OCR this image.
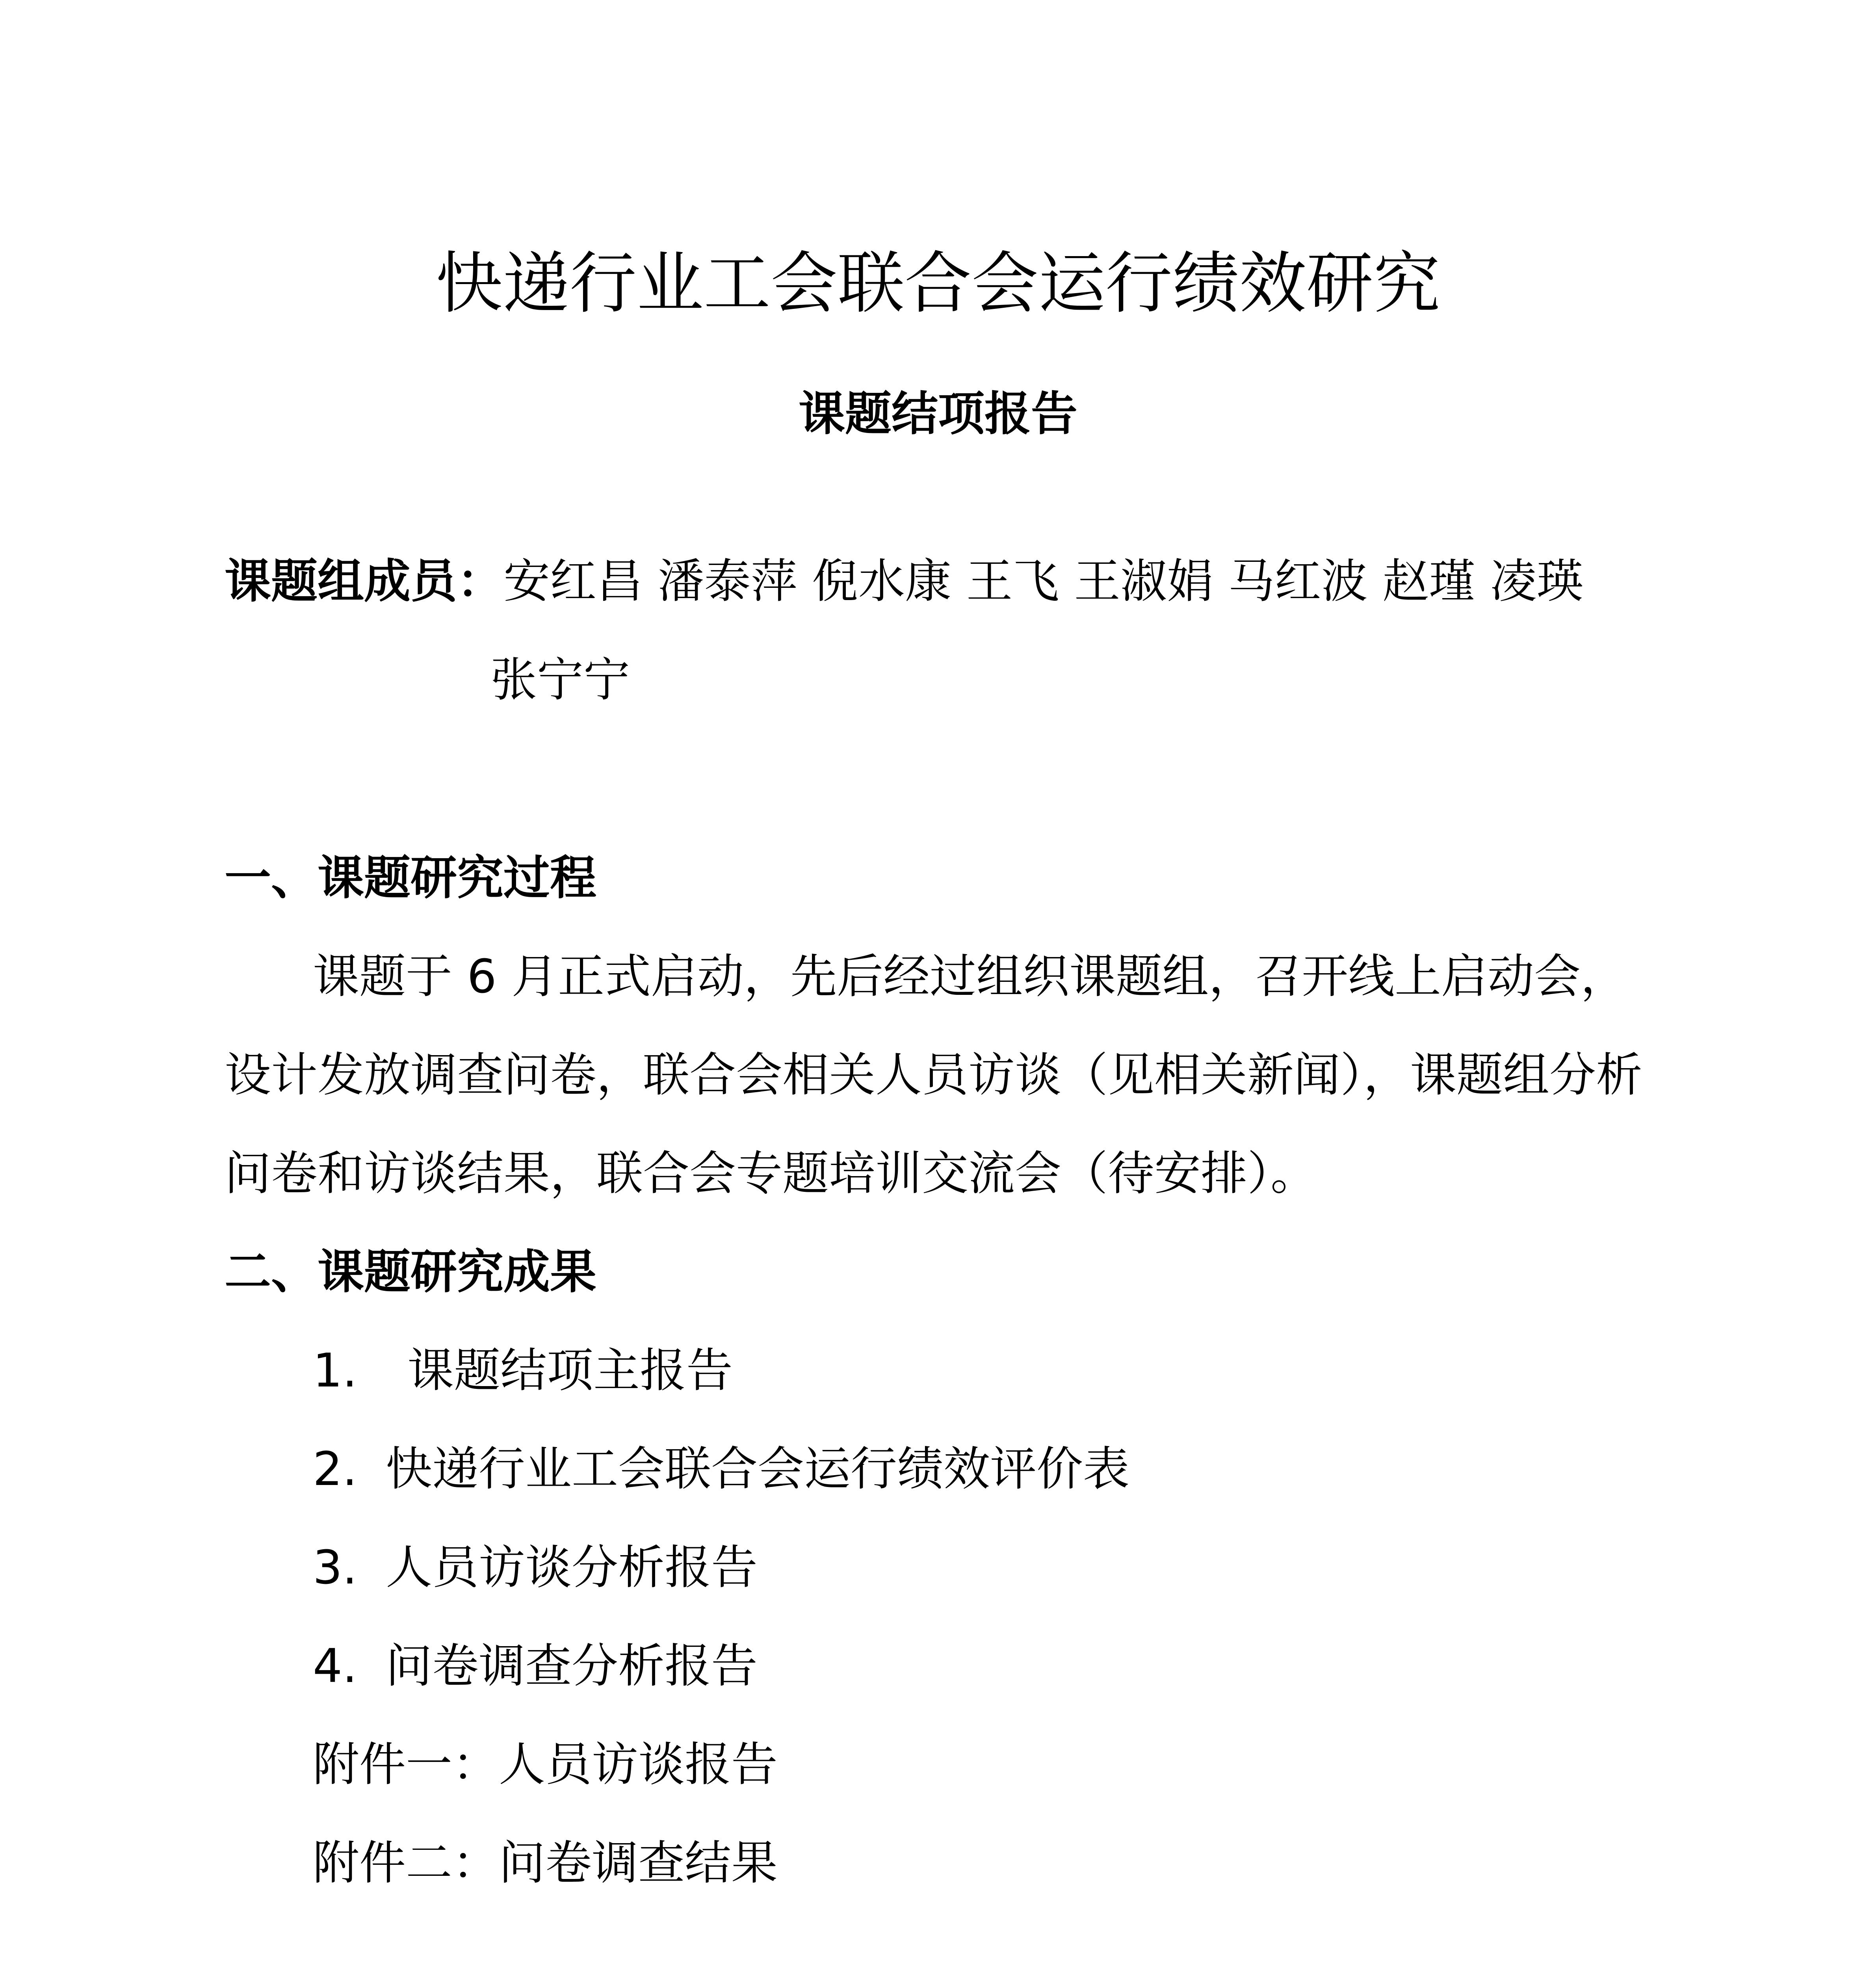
快递行业工会联合会运行绩效研究
课题结项报告
课题组成员：安红昌 潘泰萍 倪水康 王飞 王淑娟 马红波 赵瑾 凌瑛
张宁宁
一、课题研究过程
课题于 6 月正式启动，先后经过组织课题组，召开线上启动会，设计发放调查问卷，联合会相关人员访谈（见相关新闻），课题组分析问卷和访谈结果，联合会专题培训交流会（待安排）。
二、课题研究成果
1. 课题结项主报告
2. 快递行业工会联合会运行绩效评价表
3. 人员访谈分析报告
4. 问卷调查分析报告
附件一：人员访谈报告
附件二：问卷调查结果
